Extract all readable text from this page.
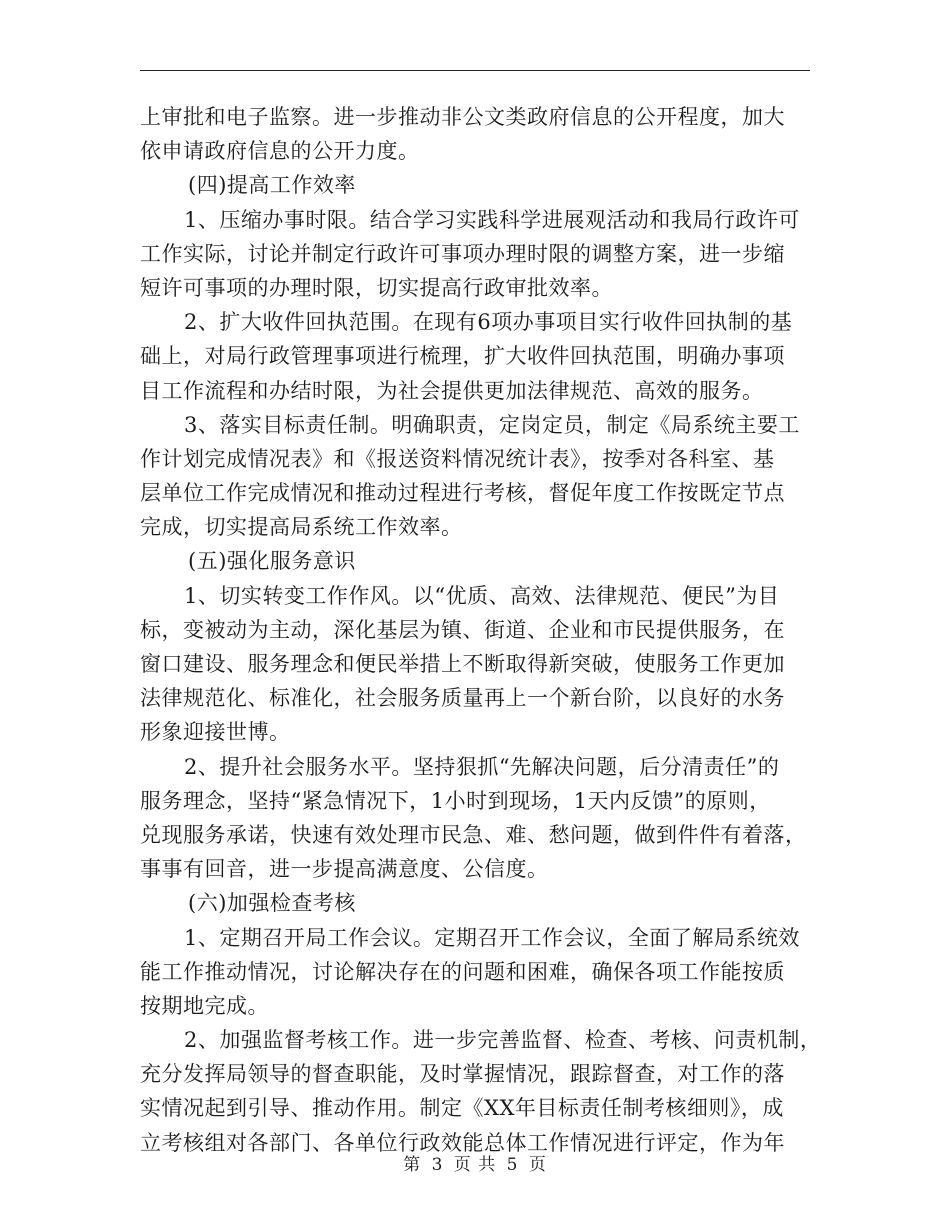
上审批和电子监察。进一步推动非公文类政府信息的公开程度，加大
依申请政府信息的公开力度。
(四)提高工作效率
1、压缩办事时限。结合学习实践科学进展观活动和我局行政许可
工作实际，讨论并制定行政许可事项办理时限的调整方案，进一步缩
短许可事项的办理时限，切实提高行政审批效率。
2、扩大收件回执范围。在现有6项办事项目实行收件回执制的基
础上，对局行政管理事项进行梳理，扩大收件回执范围，明确办事项
目工作流程和办结时限，为社会提供更加法律规范、高效的服务。
3、落实目标责任制。明确职责，定岗定员，制定《局系统主要工
作计划完成情况表》和《报送资料情况统计表》，按季对各科室、基
层单位工作完成情况和推动过程进行考核，督促年度工作按既定节点
完成，切实提高局系统工作效率。
(五)强化服务意识
1、切实转变工作作风。以“优质、高效、法律规范、便民”为目
标，变被动为主动，深化基层为镇、街道、企业和市民提供服务，在
窗口建设、服务理念和便民举措上不断取得新突破，使服务工作更加
法律规范化、标准化，社会服务质量再上一个新台阶，以良好的水务
形象迎接世博。
2、提升社会服务水平。坚持狠抓“先解决问题，后分清责任”的
服务理念，坚持“紧急情况下，1小时到现场，1天内反馈”的原则，
兑现服务承诺，快速有效处理市民急、难、愁问题，做到件件有着落，
事事有回音，进一步提高满意度、公信度。
(六)加强检查考核
1、定期召开局工作会议。定期召开工作会议，全面了解局系统效
能工作推动情况，讨论解决存在的问题和困难，确保各项工作能按质
按期地完成。
2、加强监督考核工作。进一步完善监督、检查、考核、问责机制，
充分发挥局领导的督查职能，及时掌握情况，跟踪督查，对工作的落
实情况起到引导、推动作用。制定《XX年目标责任制考核细则》，成
立考核组对各部门、各单位行政效能总体工作情况进行评定，作为年
第 3 页 共 5 页
